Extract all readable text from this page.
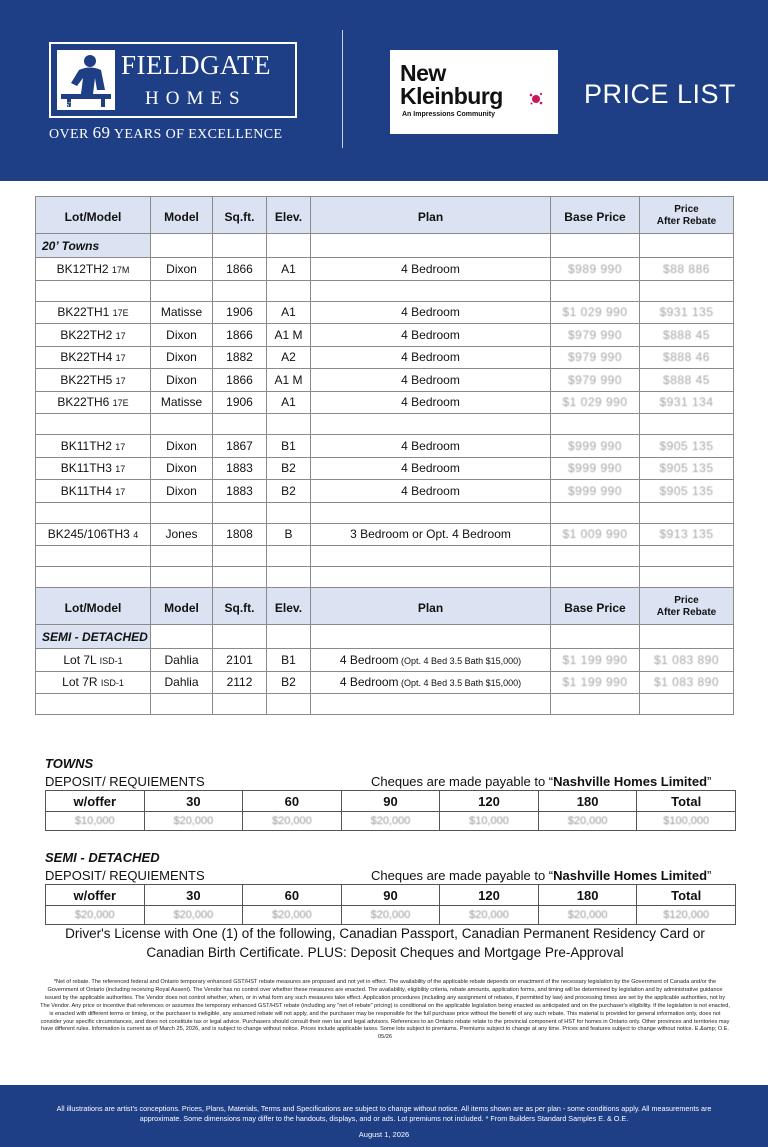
EST. 1957
FIELDGATE
HOMES
OVER 69 YEARS OF EXCELLENCE
New
Kleinburg
An Impressions Community
PRICE LIST
Lot/Model	Model	Sq.ft.	Elev.	Plan	Base Price	Price
After Rebate
20’ Towns						
BK12TH2 17M	Dixon	1866	A1	4 Bedroom	$989 990	$88 886

BK22TH1 17E	Matisse	1906	A1	4 Bedroom	$1 029 990	$931 135
BK22TH2 17	Dixon	1866	A1 M	4 Bedroom	$979 990	$888 45
BK22TH4 17	Dixon	1882	A2	4 Bedroom	$979 990	$888 46
BK22TH5 17	Dixon	1866	A1 M	4 Bedroom	$979 990	$888 45
BK22TH6 17E	Matisse	1906	A1	4 Bedroom	$1 029 990	$931 134

BK11TH2 17	Dixon	1867	B1	4 Bedroom	$999 990	$905 135
BK11TH3 17	Dixon	1883	B2	4 Bedroom	$999 990	$905 135
BK11TH4 17	Dixon	1883	B2	4 Bedroom	$999 990	$905 135

BK245/106TH3 4	Jones	1808	B	3 Bedroom or Opt. 4 Bedroom	$1 009 990	$913 135

Lot/Model	Model	Sq.ft.	Elev.	Plan	Base Price	Price
After Rebate
SEMI - DETACHED						
Lot 7L ISD-1	Dahlia	2101	B1	4 Bedroom (Opt. 4 Bed 3.5 Bath $15,000)	$1 199 990	$1 083 890
Lot 7R ISD-1	Dahlia	2112	B2	4 Bedroom (Opt. 4 Bed 3.5 Bath $15,000)	$1 199 990	$1 083 890

TOWNS
DEPOSIT/ REQUIEMENTS	Cheques are made payable to “Nashville Homes Limited”
w/offer	30	60	90	120	180	Total
$10,000	$20,000	$20,000	$20,000	$10,000	$20,000	$100,000
SEMI - DETACHED
DEPOSIT/ REQUIEMENTS	Cheques are made payable to “Nashville Homes Limited”
w/offer	30	60	90	120	180	Total
$20,000	$20,000	$20,000	$20,000	$20,000	$20,000	$120,000
Driver's License with One (1) of the following, Canadian Passport, Canadian Permanent Residency Card or Canadian Birth Certificate. PLUS: Deposit Cheques and Mortgage Pre-Approval
*Net of rebate. The referenced federal and Ontario temporary enhanced GST/HST rebate measures are proposed and not yet in effect. The availability of the applicable rebate depends on enactment of the necessary legislation by the Government of Canada and/or the Government of Ontario (including receiving Royal Assent). The Vendor has no control over whether these measures are enacted. The availability, eligibility criteria, rebate amounts, application forms, and timing will be determined by legislation and by administrative guidance issued by the applicable authorities. The Vendor does not control whether, when, or in what form any such measures take effect. Application procedures (including any assignment of rebates, if permitted by law) and processing times are set by the applicable authorities, not by The Vendor. Any price or incentive that references or assumes the temporary enhanced GST/HST rebate (including any "net of rebate" pricing) is conditional on the applicable legislation being enacted as anticipated and on the purchaser's eligibility. If the legislation is not enacted, is enacted with different terms or timing, or the purchaser is ineligible, any assumed rebate will not apply, and the purchaser may be responsible for the full purchase price without the benefit of any such rebate. This material is provided for general information only, does not consider your specific circumstances, and does not constitute tax or legal advice. Purchasers should consult their own tax and legal advisors. References to an Ontario rebate relate to the provincial component of HST for homes in Ontario only. Other provinces and territories may have different rules. Information is current as of March 25, 2026, and is subject to change without notice. Prices include applicable taxes. Some lots subject to premiums. Premiums subject to change at any time. Prices and features subject to change without notice. E.&amp; O.E. 05/26
All illustrations are artist’s conceptions. Prices, Plans, Materials, Terms and Specifications are subject to change without notice. All items shown are as per plan - some conditions apply. All measurements are approximate. Some dimensions may differ to the handouts, displays, and or ads. Lot premiums not included. * From Builders Standard Samples E. & O.E.
August 1, 2026
